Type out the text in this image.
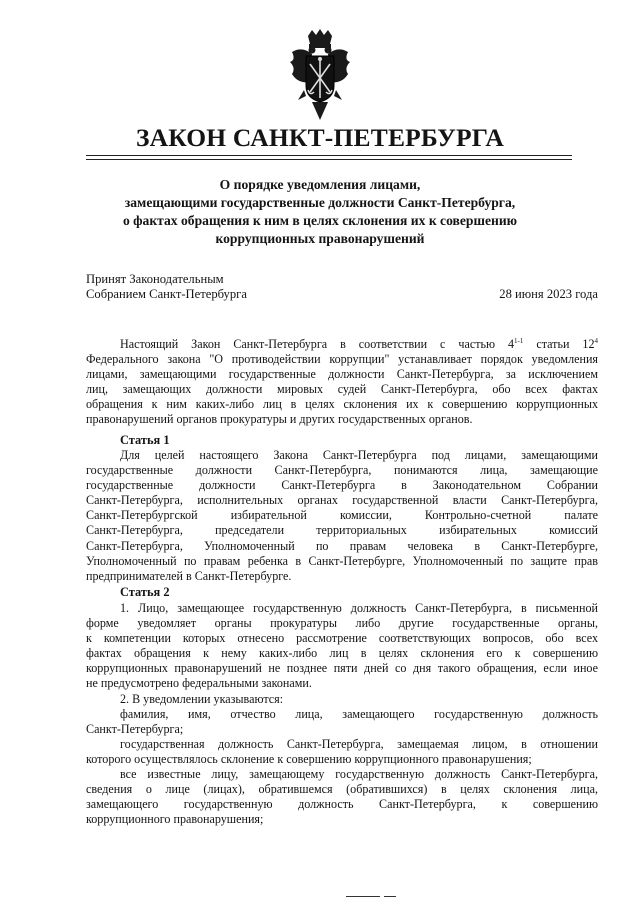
ЗАКОН САНКТ-ПЕТЕРБУРГА
О порядке уведомления лицами,
замещающими государственные должности Санкт-Петербурга,
о фактах обращения к ним в целях склонения их к совершению
коррупционных правонарушений
Принят Законодательным
Собранием Санкт-Петербурга	28 июня 2023 года
Настоящий Закон Санкт-Петербурга в соответствии с частью 4$^{1-1}$ статьи $12^4$
Федерального закона "О противодействии коррупции" устанавливает порядок уведомления
лицами, замещающими государственные должности Санкт-Петербурга, за исключением
лиц, замещающих должности мировых судей Санкт-Петербурга, обо всех фактах
обращения к ним каких-либо лиц в целях склонения их к совершению коррупционных
правонарушений органов прокуратуры и других государственных органов.
Статья 1
Для целей настоящего Закона Санкт-Петербурга под лицами, замещающими
государственные должности Санкт-Петербурга, понимаются лица, замещающие
государственные должности Санкт-Петербурга в Законодательном Собрании
Санкт-Петербурга, исполнительных органах государственной власти Санкт-Петербурга,
Санкт-Петербургской избирательной комиссии, Контрольно-счетной палате
Санкт-Петербурга, председатели территориальных избирательных комиссий
Санкт-Петербурга, Уполномоченный по правам человека в Санкт-Петербурге,
Уполномоченный по правам ребенка в Санкт-Петербурге, Уполномоченный по защите прав
предпринимателей в Санкт-Петербурге.
Статья 2
1. Лицо, замещающее государственную должность Санкт-Петербурга, в письменной
форме уведомляет органы прокуратуры либо другие государственные органы,
к компетенции которых отнесено рассмотрение соответствующих вопросов, обо всех
фактах обращения к нему каких-либо лиц в целях склонения его к совершению
коррупционных правонарушений не позднее пяти дней со дня такого обращения, если иное
не предусмотрено федеральными законами.
2. В уведомлении указываются:
фамилия, имя, отчество лица, замещающего государственную должность
Санкт-Петербурга;
государственная должность Санкт-Петербурга, замещаемая лицом, в отношении
которого осуществлялось склонение к совершению коррупционного правонарушения;
все известные лицу, замещающему государственную должность Санкт-Петербурга,
сведения о лице (лицах), обратившемся (обратившихся) в целях склонения лица,
замещающего государственную должность Санкт-Петербурга, к совершению
коррупционного правонарушения;
